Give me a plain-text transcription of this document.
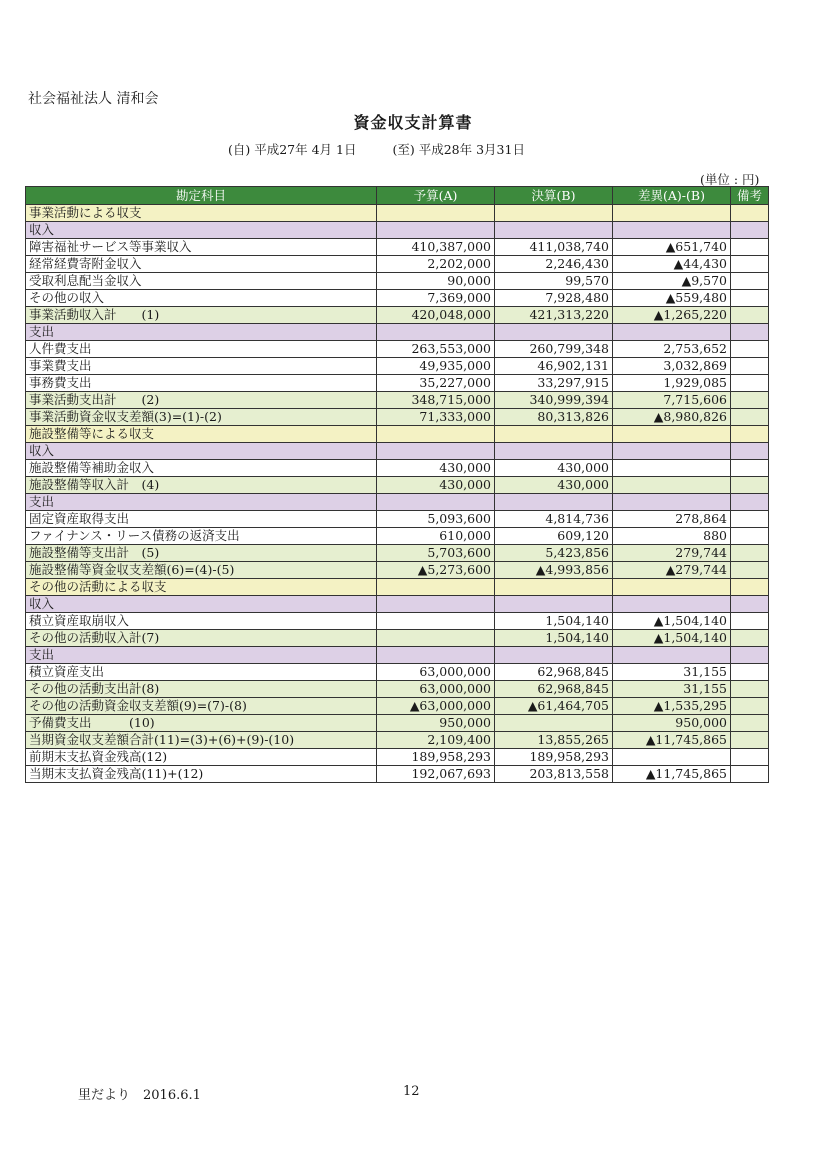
社会福祉法人 清和会
資金収支計算書
(自) 平成27年 4月 1日	(至) 平成28年 3月31日
(単位 : 円)
勘定科目	予算(A)	決算(B)	差異(A)-(B)	備考
事業活動による収支				
収入				
障害福祉サービス等事業収入	410,387,000	411,038,740	▲651,740	
経常経費寄附金収入	2,202,000	2,246,430	▲44,430	
受取利息配当金収入	90,000	99,570	▲9,570	
その他の収入	7,369,000	7,928,480	▲559,480	
事業活動収入計　　(1)	420,048,000	421,313,220	▲1,265,220	
支出				
人件費支出	263,553,000	260,799,348	2,753,652	
事業費支出	49,935,000	46,902,131	3,032,869	
事務費支出	35,227,000	33,297,915	1,929,085	
事業活動支出計　　(2)	348,715,000	340,999,394	7,715,606	
事業活動資金収支差額(3)=(1)-(2)	71,333,000	80,313,826	▲8,980,826	
施設整備等による収支				
収入				
施設整備等補助金収入	430,000	430,000		
施設整備等収入計　(4)	430,000	430,000		
支出				
固定資産取得支出	5,093,600	4,814,736	278,864	
ファイナンス・リース債務の返済支出	610,000	609,120	880	
施設整備等支出計　(5)	5,703,600	5,423,856	279,744	
施設整備等資金収支差額(6)=(4)-(5)	▲5,273,600	▲4,993,856	▲279,744	
その他の活動による収支				
収入				
積立資産取崩収入		1,504,140	▲1,504,140	
その他の活動収入計(7)		1,504,140	▲1,504,140	
支出				
積立資産支出	63,000,000	62,968,845	31,155	
その他の活動支出計(8)	63,000,000	62,968,845	31,155	
その他の活動資金収支差額(9)=(7)-(8)	▲63,000,000	▲61,464,705	▲1,535,295	
予備費支出　　　(10)	950,000		950,000	
当期資金収支差額合計(11)=(3)+(6)+(9)-(10)	2,109,400	13,855,265	▲11,745,865	
前期末支払資金残高(12)	189,958,293	189,958,293		
当期末支払資金残高(11)+(12)	192,067,693	203,813,558	▲11,745,865	
里だより　2016.6.1	12
